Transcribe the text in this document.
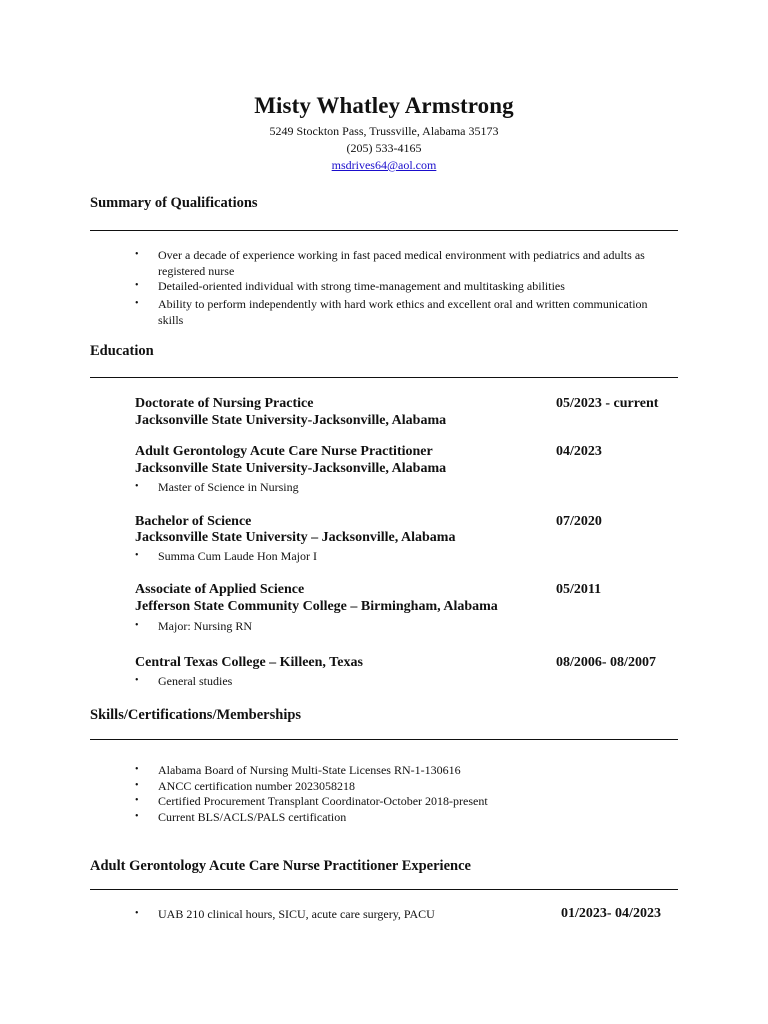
Misty Whatley Armstrong
5249 Stockton Pass, Trussville, Alabama 35173
(205) 533-4165
msdrives64@aol.com
Summary of Qualifications
•	Over a decade of experience working in fast paced medical environment with pediatrics and adults as registered nurse
•	Detailed-oriented individual with strong time-management and multitasking abilities
•	Ability to perform independently with hard work ethics and excellent oral and written communication skills
Education
Doctorate of Nursing Practice	05/2023 - current
Jacksonville State University-Jacksonville, Alabama
Adult Gerontology Acute Care Nurse Practitioner	04/2023
Jacksonville State University-Jacksonville, Alabama
•	Master of Science in Nursing
Bachelor of Science	07/2020
Jacksonville State University – Jacksonville, Alabama
•	Summa Cum Laude Hon Major I
Associate of Applied Science	05/2011
Jefferson State Community College – Birmingham, Alabama
•	Major: Nursing RN
Central Texas College – Killeen, Texas	08/2006- 08/2007
•	General studies
Skills/Certifications/Memberships
•	Alabama Board of Nursing Multi-State Licenses RN-1-130616
•	ANCC certification number 2023058218
•	Certified Procurement Transplant Coordinator-October 2018-present
•	Current BLS/ACLS/PALS certification
Adult Gerontology Acute Care Nurse Practitioner Experience
•	UAB 210 clinical hours, SICU, acute care surgery, PACU	01/2023- 04/2023
